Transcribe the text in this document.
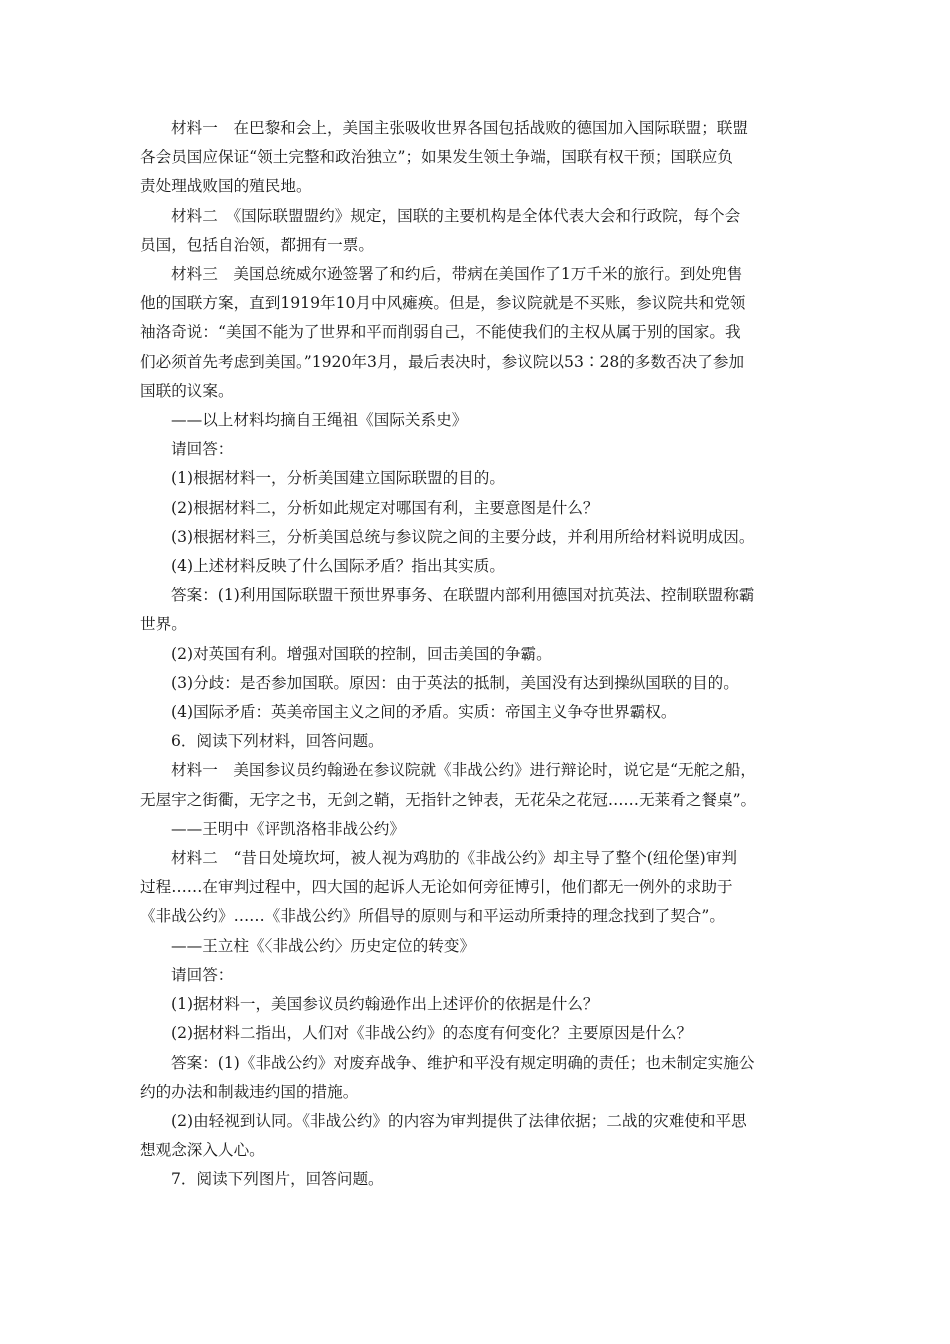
材料一　在巴黎和会上，美国主张吸收世界各国包括战败的德国加入国际联盟；联盟
各会员国应保证“领土完整和政治独立”；如果发生领土争端，国联有权干预；国联应负
责处理战败国的殖民地。

材料二　《国际联盟盟约》规定，国联的主要机构是全体代表大会和行政院，每个会
员国，包括自治领，都拥有一票。

材料三　美国总统威尔逊签署了和约后，带病在美国作了1万千米的旅行。到处兜售
他的国联方案，直到1919年10月中风瘫痪。但是，参议院就是不买账，参议院共和党领
袖洛奇说：“美国不能为了世界和平而削弱自己，不能使我们的主权从属于别的国家。我
们必须首先考虑到美国。”1920年3月，最后表决时，参议院以53∶28的多数否决了参加
国联的议案。

——以上材料均摘自王绳祖《国际关系史》

请回答：

(1)根据材料一，分析美国建立国际联盟的目的。

(2)根据材料二，分析如此规定对哪国有利，主要意图是什么？

(3)根据材料三，分析美国总统与参议院之间的主要分歧，并利用所给材料说明成因。

(4)上述材料反映了什么国际矛盾？指出其实质。

答案：(1)利用国际联盟干预世界事务、在联盟内部利用德国对抗英法、控制联盟称霸
世界。

(2)对英国有利。增强对国联的控制，回击美国的争霸。

(3)分歧：是否参加国联。原因：由于英法的抵制，美国没有达到操纵国联的目的。

(4)国际矛盾：英美帝国主义之间的矛盾。实质：帝国主义争夺世界霸权。

6．阅读下列材料，回答问题。

材料一　美国参议员约翰逊在参议院就《非战公约》进行辩论时，说它是“无舵之船，
无屋宇之街衢，无字之书，无剑之鞘，无指针之钟表，无花朵之花冠……无莱肴之餐桌”。

——王明中《评凯洛格非战公约》

材料二　“昔日处境坎坷，被人视为鸡肋的《非战公约》却主导了整个(纽伦堡)审判
过程……在审判过程中，四大国的起诉人无论如何旁征博引，他们都无一例外的求助于
《非战公约》……《非战公约》所倡导的原则与和平运动所秉持的理念找到了契合”。

——王立柱《〈非战公约〉历史定位的转变》

请回答：

(1)据材料一，美国参议员约翰逊作出上述评价的依据是什么？

(2)据材料二指出，人们对《非战公约》的态度有何变化？主要原因是什么？

答案：(1)《非战公约》对废弃战争、维护和平没有规定明确的责任；也未制定实施公
约的办法和制裁违约国的措施。

(2)由轻视到认同。《非战公约》的内容为审判提供了法律依据；二战的灾难使和平思
想观念深入人心。

7．阅读下列图片，回答问题。
